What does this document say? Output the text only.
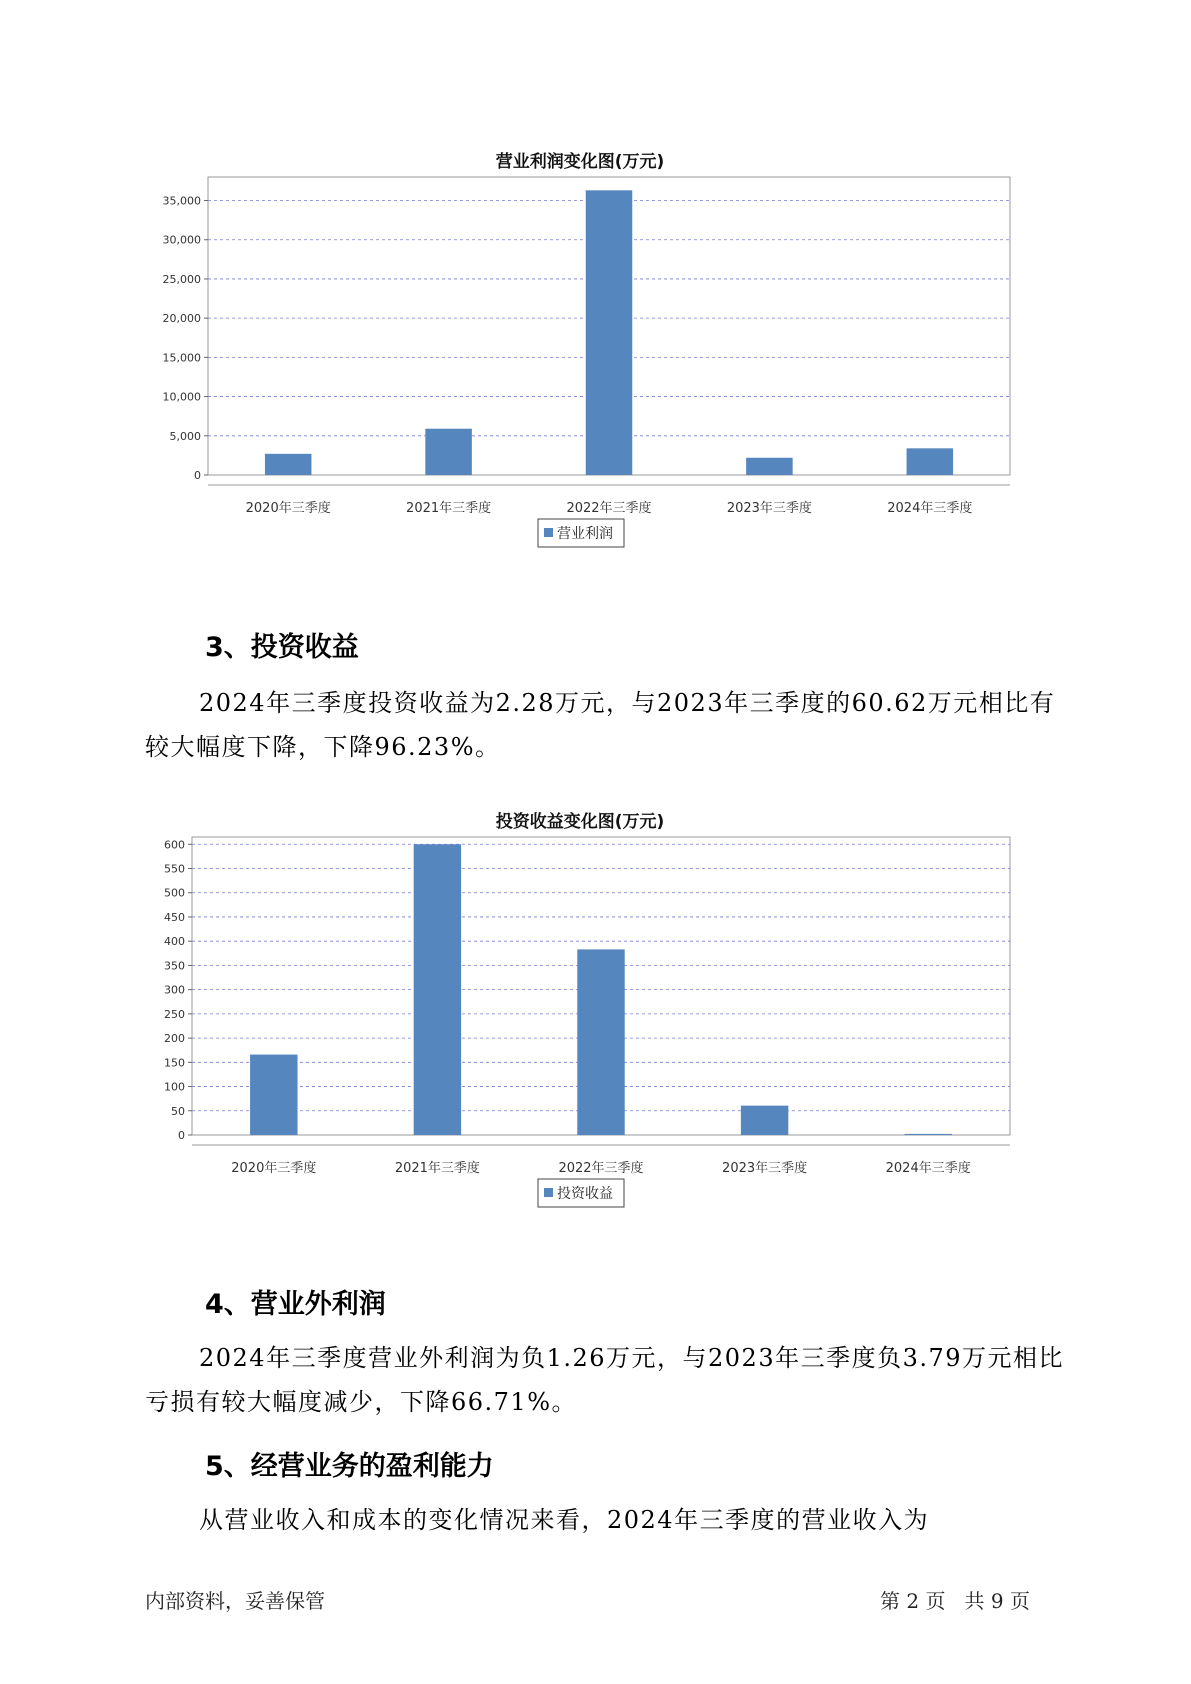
营业利润变化图(万元)
0
5,000
10,000
15,000
20,000
25,000
30,000
35,000
2020年三季度	2021年三季度	2022年三季度	2023年三季度	2024年三季度
营业利润
3、投资收益

2024年三季度投资收益为2.28万元，与2023年三季度的60.62万元相比有较大幅度下降，下降96.23%。

投资收益变化图(万元)
0
50
100
150
200
250
300
350
400
450
500
550
600
2020年三季度	2021年三季度	2022年三季度	2023年三季度	2024年三季度
投资收益
4、营业外利润

2024年三季度营业外利润为负1.26万元，与2023年三季度负3.79万元相比亏损有较大幅度减少，下降66.71%。

5、经营业务的盈利能力

从营业收入和成本的变化情况来看，2024年三季度的营业收入为

内部资料，妥善保管	第 2 页   共 9 页
